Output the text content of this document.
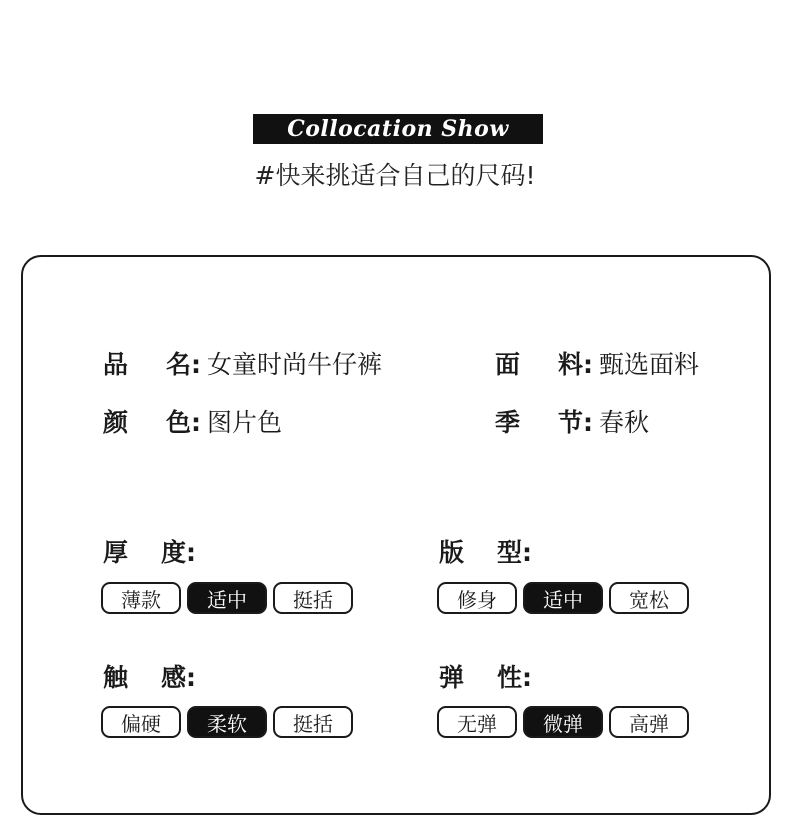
Collocation Show
#快来挑适合自己的尺码!
品 名: 女童时尚牛仔裤	面 料: 甄选面料
颜 色: 图片色	季 节: 春秋
厚 度:
薄款	适中	挺括
版 型:
修身	适中	宽松
触 感:
偏硬	柔软	挺括
弹 性:
无弹	微弹	高弹
